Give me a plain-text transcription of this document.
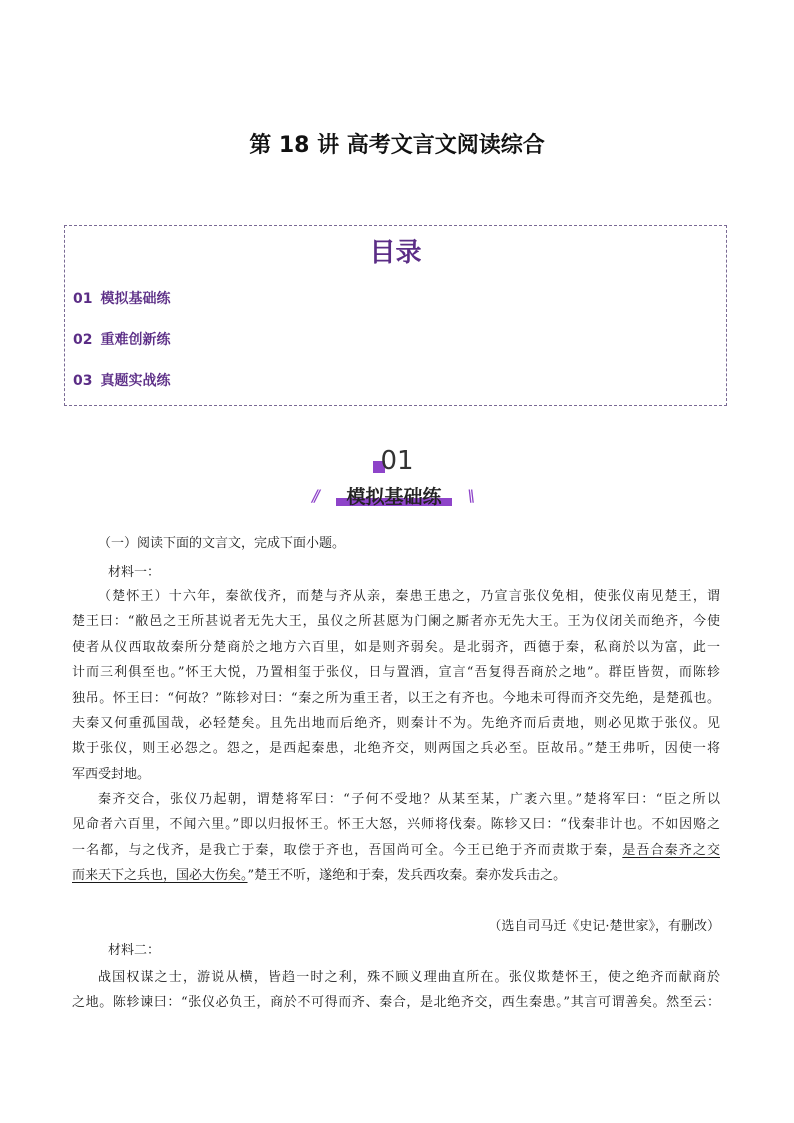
第 18 讲 高考文言文阅读综合
目录
01 模拟基础练
02 重难创新练
03 真题实战练
01
//	\\
模拟基础练
（一）阅读下面的文言文，完成下面小题。
材料一：
（楚怀王）十六年，秦欲伐齐，而楚与齐从亲，秦患王患之，乃宣言张仪免相，使张仪南见楚王，谓
楚王曰：“敝邑之王所甚说者无先大王，虽仪之所甚愿为门阑之厮者亦无先大王。王为仪闭关而绝齐，今使
使者从仪西取故秦所分楚商於之地方六百里，如是则齐弱矣。是北弱齐，西德于秦，私商於以为富，此一
计而三利俱至也。”怀王大悦，乃置相玺于张仪，日与置酒，宣言“吾复得吾商於之地”。群臣皆贺，而陈轸
独吊。怀王曰：“何故？”陈轸对曰：“秦之所为重王者，以王之有齐也。今地未可得而齐交先绝，是楚孤也。
夫秦又何重孤国哉，必轻楚矣。且先出地而后绝齐，则秦计不为。先绝齐而后责地，则必见欺于张仪。见
欺于张仪，则王必怨之。怨之，是西起秦患，北绝齐交，则两国之兵必至。臣故吊。”楚王弗听，因使一将
军西受封地。
秦齐交合，张仪乃起朝，谓楚将军曰：“子何不受地？从某至某，广袤六里。”楚将军曰：“臣之所以
见命者六百里，不闻六里。”即以归报怀王。怀王大怒，兴师将伐秦。陈轸又曰：“伐秦非计也。不如因赂之
一名都，与之伐齐，是我亡于秦，取偿于齐也，吾国尚可全。今王已绝于齐而责欺于秦，是吾合秦齐之交
而来天下之兵也，国必大伤矣。”楚王不听，遂绝和于秦，发兵西攻秦。秦亦发兵击之。
（选自司马迁《史记·楚世家》，有删改）
材料二：
战国权谋之士，游说从横，皆趋一时之利，殊不顾义理曲直所在。张仪欺楚怀王，使之绝齐而献商於
之地。陈轸谏曰：“张仪必负王，商於不可得而齐、秦合，是北绝齐交，西生秦患。”其言可谓善矣。然至云：
